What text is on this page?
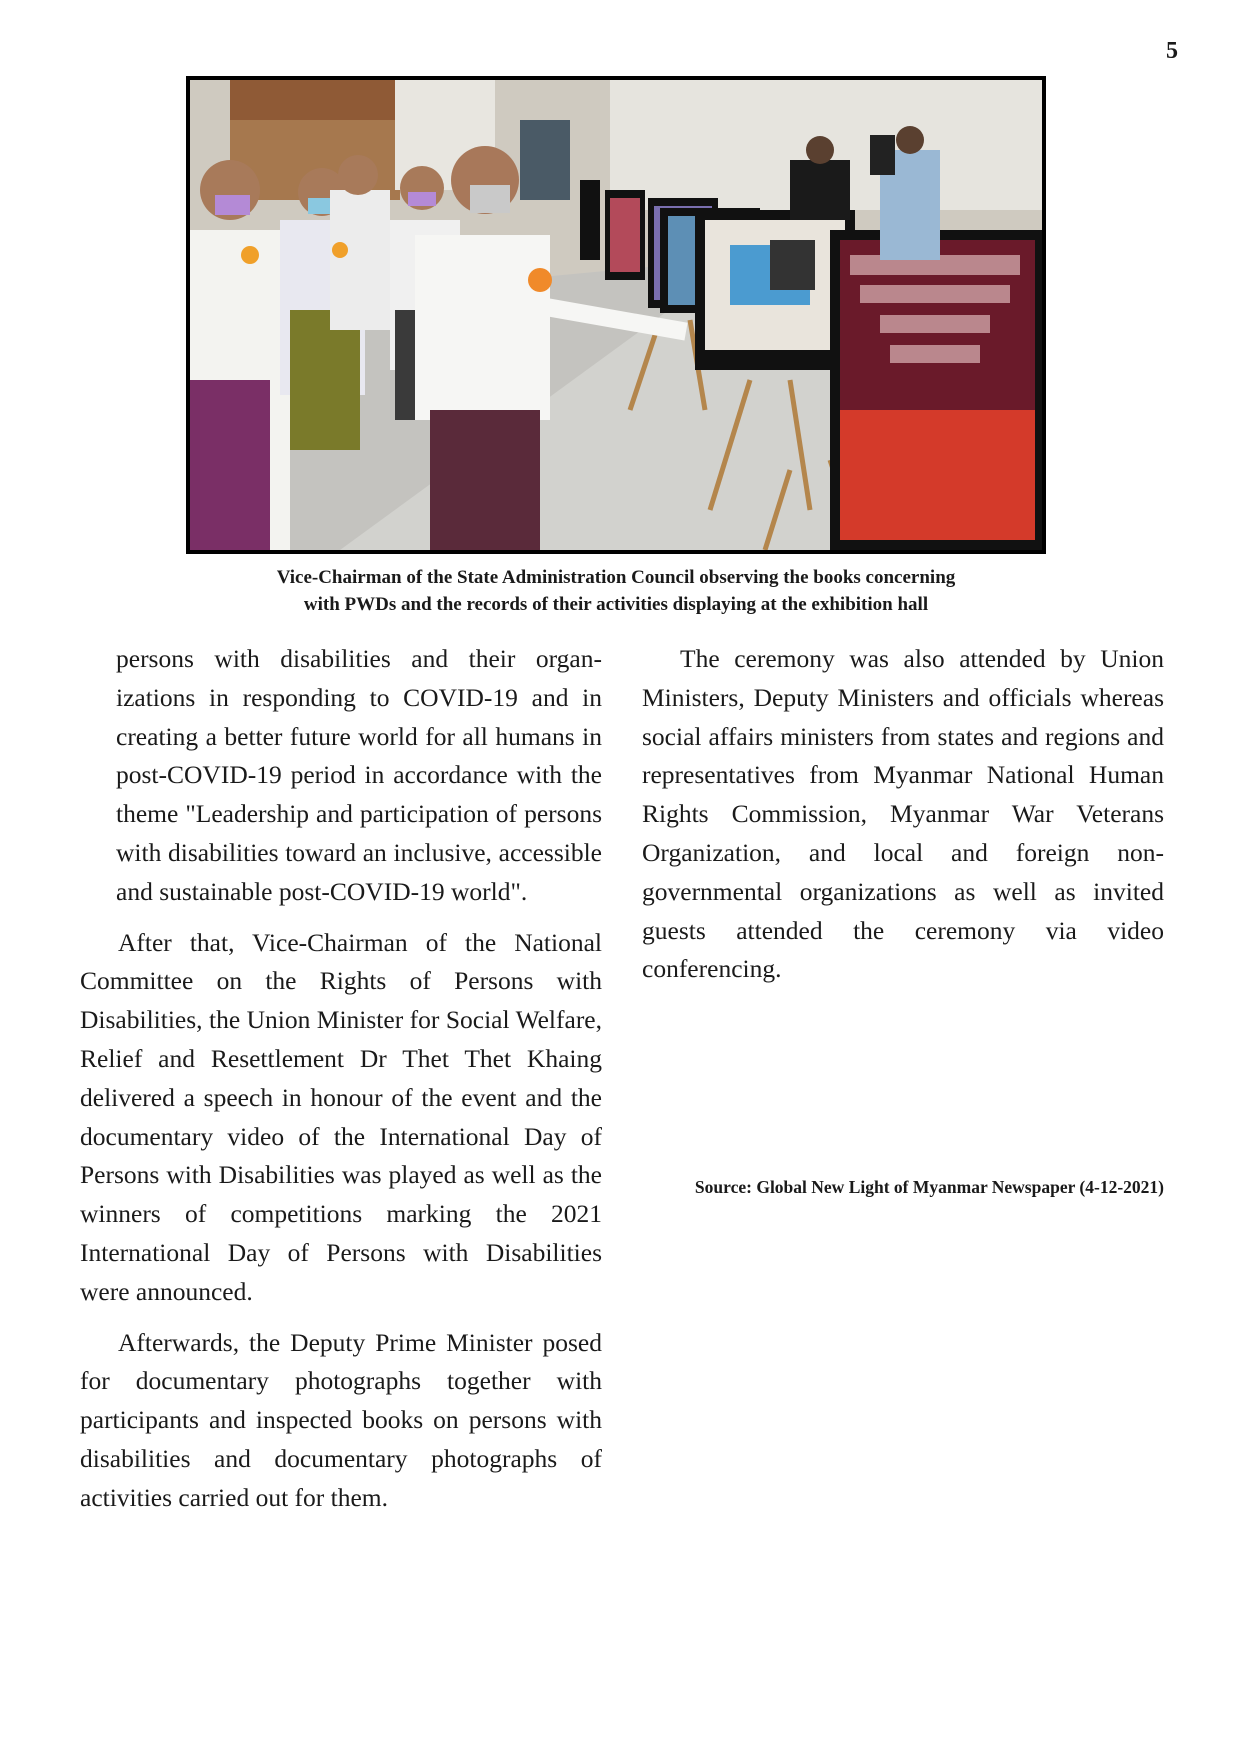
5
Vice-Chairman of the State Administration Council observing the books concerning
with PWDs and the records of their activities displaying at the exhibition hall

persons with disabilities and their organizations in responding to COVID-19 and in creating a better future world for all humans in post-COVID-19 period in accordance with the theme "Leadership and participation of persons with disabilities toward an inclusive, accessible and sustainable post-COVID-19 world".

After that, Vice-Chairman of the National Committee on the Rights of Persons with Disabilities, the Union Minister for Social Welfare, Relief and Resettlement Dr Thet Thet Khaing delivered a speech in honour of the event and the documentary video of the International Day of Persons with Disabilities was played as well as the winners of competitions marking the 2021 International Day of Persons with Disabilities were announced.

Afterwards, the Deputy Prime Minister posed for documentary photographs together with participants and inspected books on persons with disabilities and documentary photographs of activities carried out for them.

The ceremony was also attended by Union Ministers, Deputy Ministers and officials whereas social affairs ministers from states and regions and representatives from Myanmar National Human Rights Commission, Myanmar War Veterans Organization, and local and foreign non-governmental organizations as well as invited guests attended the ceremony via video conferencing.

Source: Global New Light of Myanmar Newspaper (4-12-2021)
